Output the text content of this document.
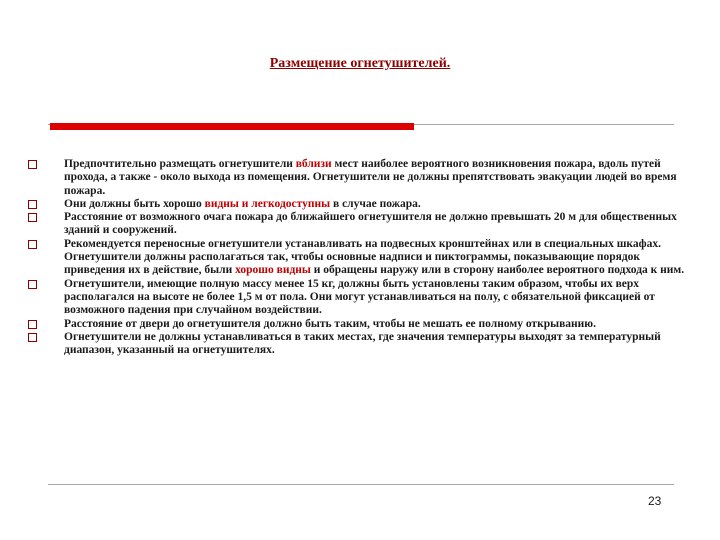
Размещение огнетушителей.
Предпочтительно размещать огнетушители вблизи мест наиболее вероятного возникновения пожара, вдоль путей прохода, а также - около выхода из помещения. Огнетушители не должны препятствовать эвакуации людей во время пожара.
Они должны быть хорошо видны и легкодоступны в случае пожара.
Расстояние от возможного очага пожара до ближайшего огнетушителя не должно превышать 20 м для общественных зданий и сооружений.
Рекомендуется переносные огнетушители устанавливать на подвесных кронштейнах или в специальных шкафах. Огнетушители должны располагаться так, чтобы основные надписи и пиктограммы, показывающие порядок приведения их в действие, были хорошо видны и обращены наружу или в сторону наиболее вероятного подхода к ним.
Огнетушители, имеющие полную массу менее 15 кг, должны быть установлены таким образом, чтобы их верх располагался на высоте не более 1,5 м от пола. Они могут устанавливаться на полу, с обязательной фиксацией от возможного падения при случайном воздействии.
Расстояние от двери до огнетушителя должно быть таким, чтобы не мешать ее полному открыванию.
Огнетушители не должны устанавливаться в таких местах, где значения температуры выходят за температурный диапазон, указанный на огнетушителях.
23
